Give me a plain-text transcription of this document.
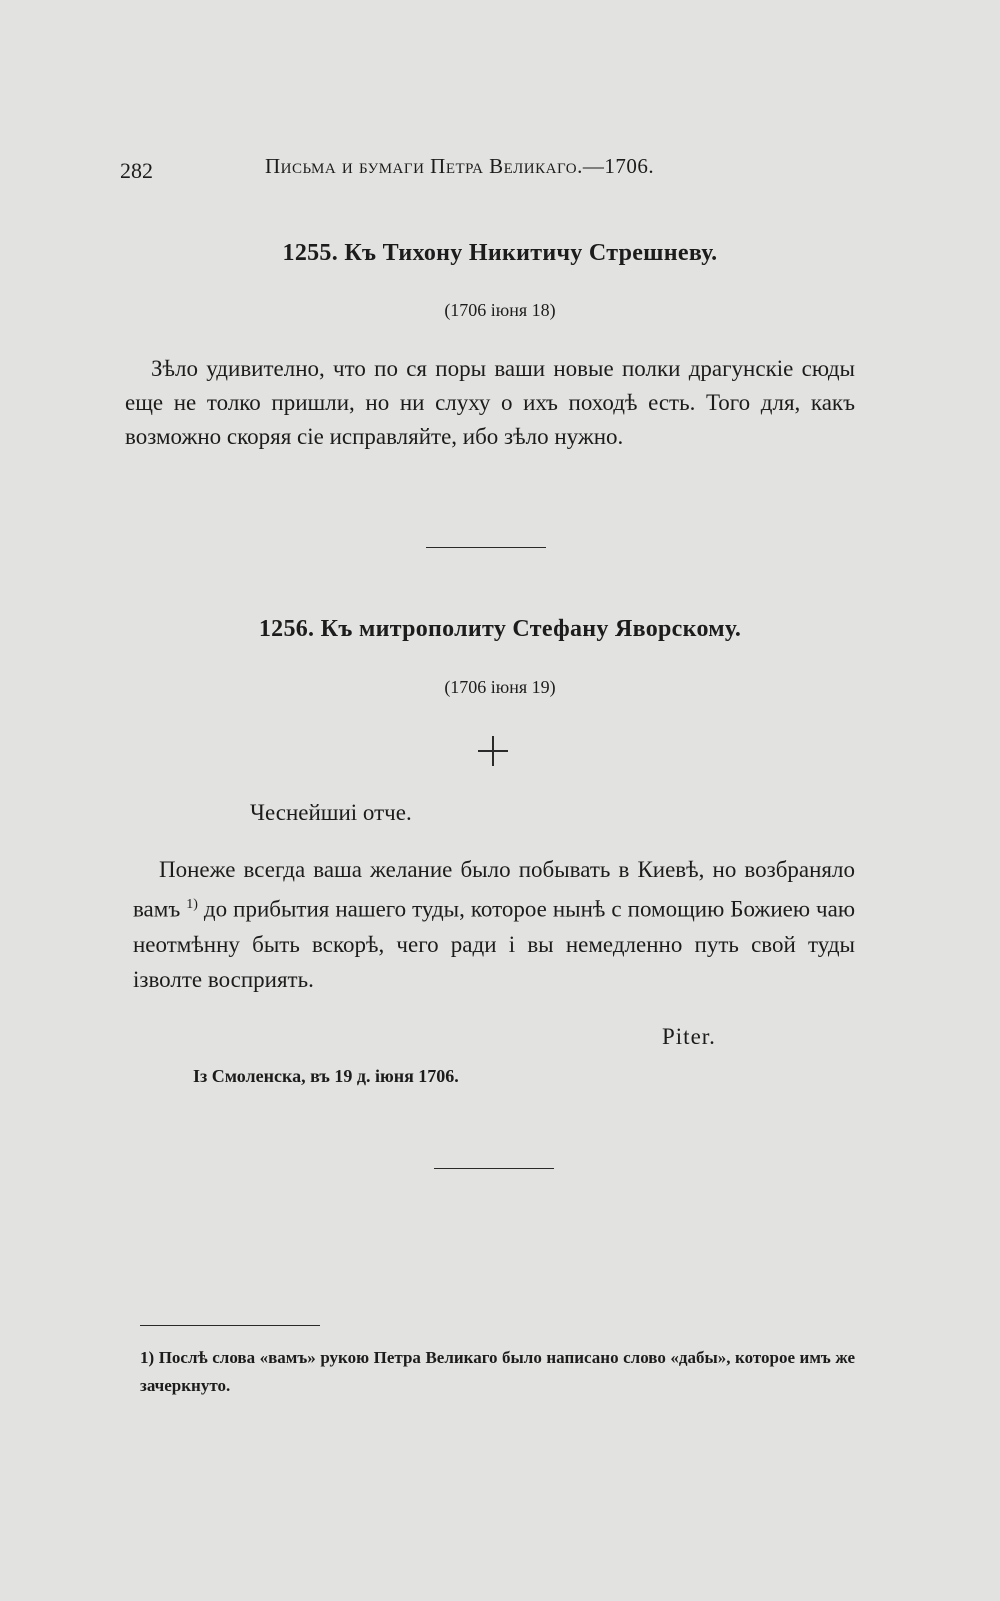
282	Письма и бумаги Петра Великаго.—1706.
1255. Къ Тихону Никитичу Стрешневу.
(1706 іюня 18)

Зѣло удивително, что по ся поры ваши новые полки драгунскіе сюды еще не толко пришли, но ни слуху о ихъ походѣ есть. Того для, какъ возможно скоряя сіе исправляйте, ибо зѣло нужно.

1256. Къ митрополиту Стефану Яворскому.
(1706 іюня 19)
Чеснейшиі отче.

Понеже всегда ваша желание было побывать в Киевѣ, но возбраняло вамъ $^{1)}$ до прибытия нашего туды, которое нынѣ с помощию Божиею чаю неотмѣнну быть вскорѣ, чего ради і вы немедленно путь свой туды ізволте восприять.

Piter.
Із Смоленска, въ 19 д. іюня 1706.

1) Послѣ слова «вамъ» рукою Петра Великаго было написано слово «дабы», которое имъ же зачеркнуто.
